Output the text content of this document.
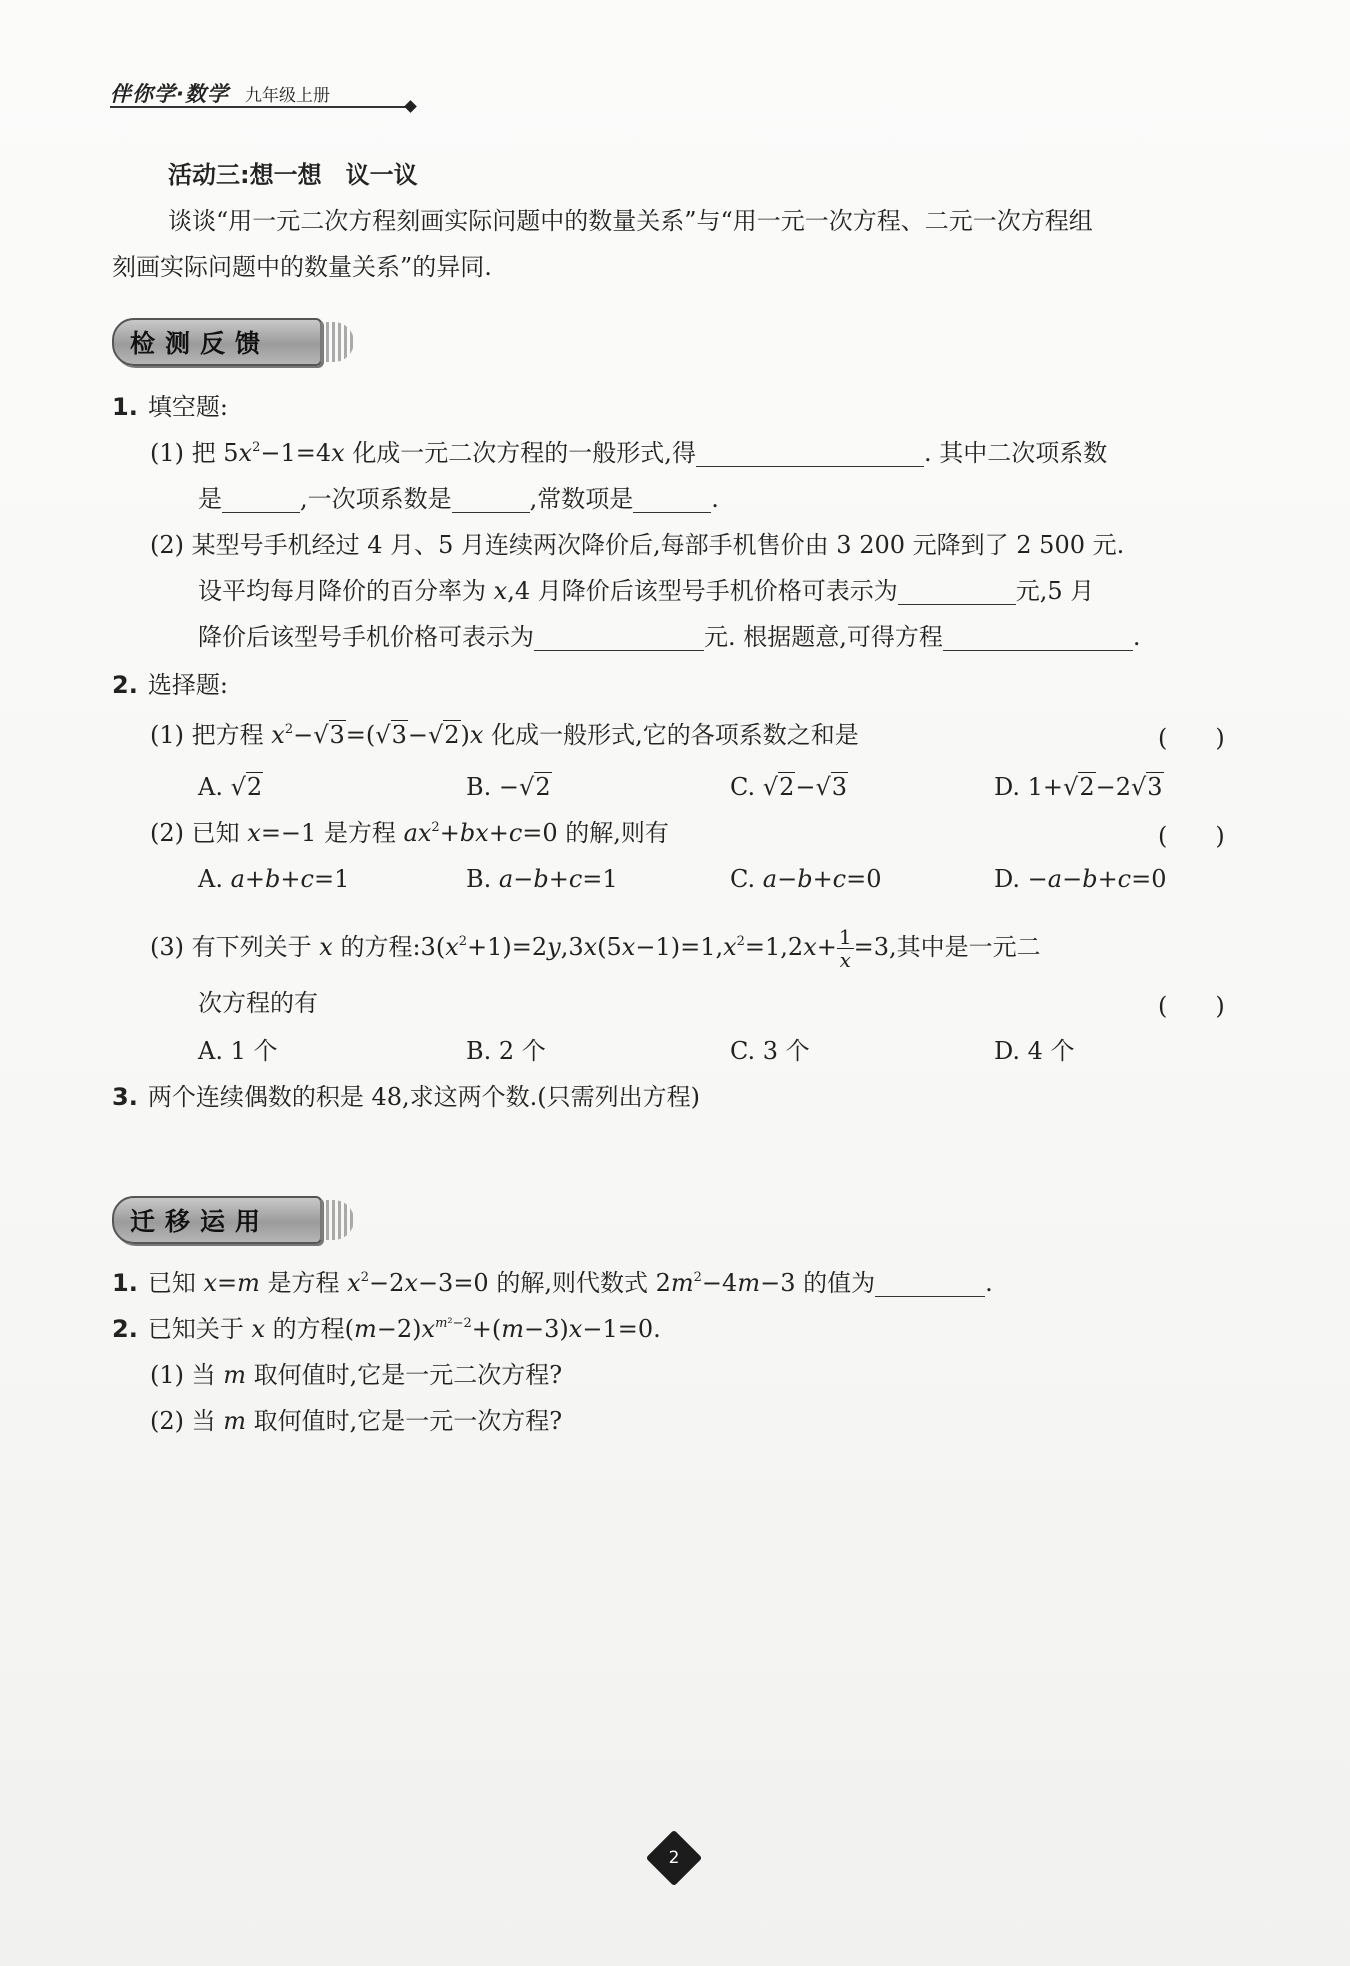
伴你学·数学 九年级上册
活动三:想一想　议一议
谈谈“用一元二次方程刻画实际问题中的数量关系”与“用一元一次方程、二元一次方程组
刻画实际问题中的数量关系”的异同.
检测反馈
1. 填空题:
(1) 把 $5x^2-1=4x$ 化成一元二次方程的一般形式,得	. 其中二次项系数
是	,一次项系数是	,常数项是	.
(2) 某型号手机经过 4 月、5 月连续两次降价后,每部手机售价由 3 200 元降到了 2 500 元.
设平均每月降价的百分率为 x,4 月降价后该型号手机价格可表示为	元,5 月
降价后该型号手机价格可表示为	元. 根据题意,可得方程	.
2. 选择题:
(1) 把方程 $x^2-√3=(√3-√2)x$ 化成一般形式,它的各项系数之和是	(　　)
A. √2	B. −√2	C. √2−√3	D. 1+√2−2√3
(2) 已知 x=−1 是方程 $ax^2+bx+c=0$ 的解,则有	(　　)
A. a+b+c=1	B. a−b+c=1	C. a−b+c=0	D. −a−b+c=0
(3) 有下列关于 x 的方程$:3(x^2+1)=2y,3x(5x-1)=1,x^2=1,2x+ \frac{1}{x} =3$,其中是一元二
次方程的有	(　　)
A. 1 个	B. 2 个	C. 3 个	D. 4 个
3. 两个连续偶数的积是 48,求这两个数.(只需列出方程)
迁移运用
1. 已知 x=m 是方程 $x^2-2x-3=0$ 的解,则代数式 $2m^2-4m-3$ 的值为	.
2. 已知关于 x 的方程$(m-2)x^{m^2-2}+(m-3)x-1=0$.
(1) 当 m 取何值时,它是一元二次方程?
(2) 当 m 取何值时,它是一元一次方程?
2
